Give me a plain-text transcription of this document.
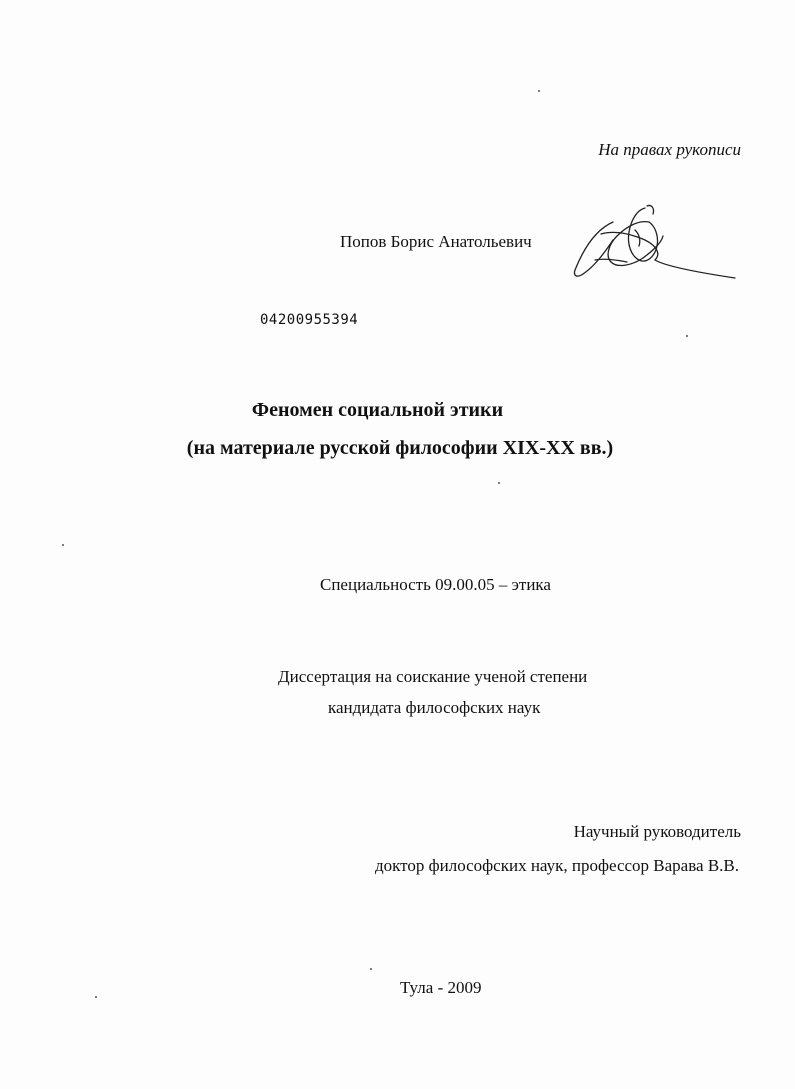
На правах рукописи
Попов Борис Анатольевич
04200955394
Феномен социальной этики
(на материале русской философии XIX-XX вв.)
Специальность 09.00.05 – этика
Диссертация на соискание ученой степени
кандидата философских наук
Научный руководитель
доктор философских наук, профессор Варава В.В.
Тула - 2009
